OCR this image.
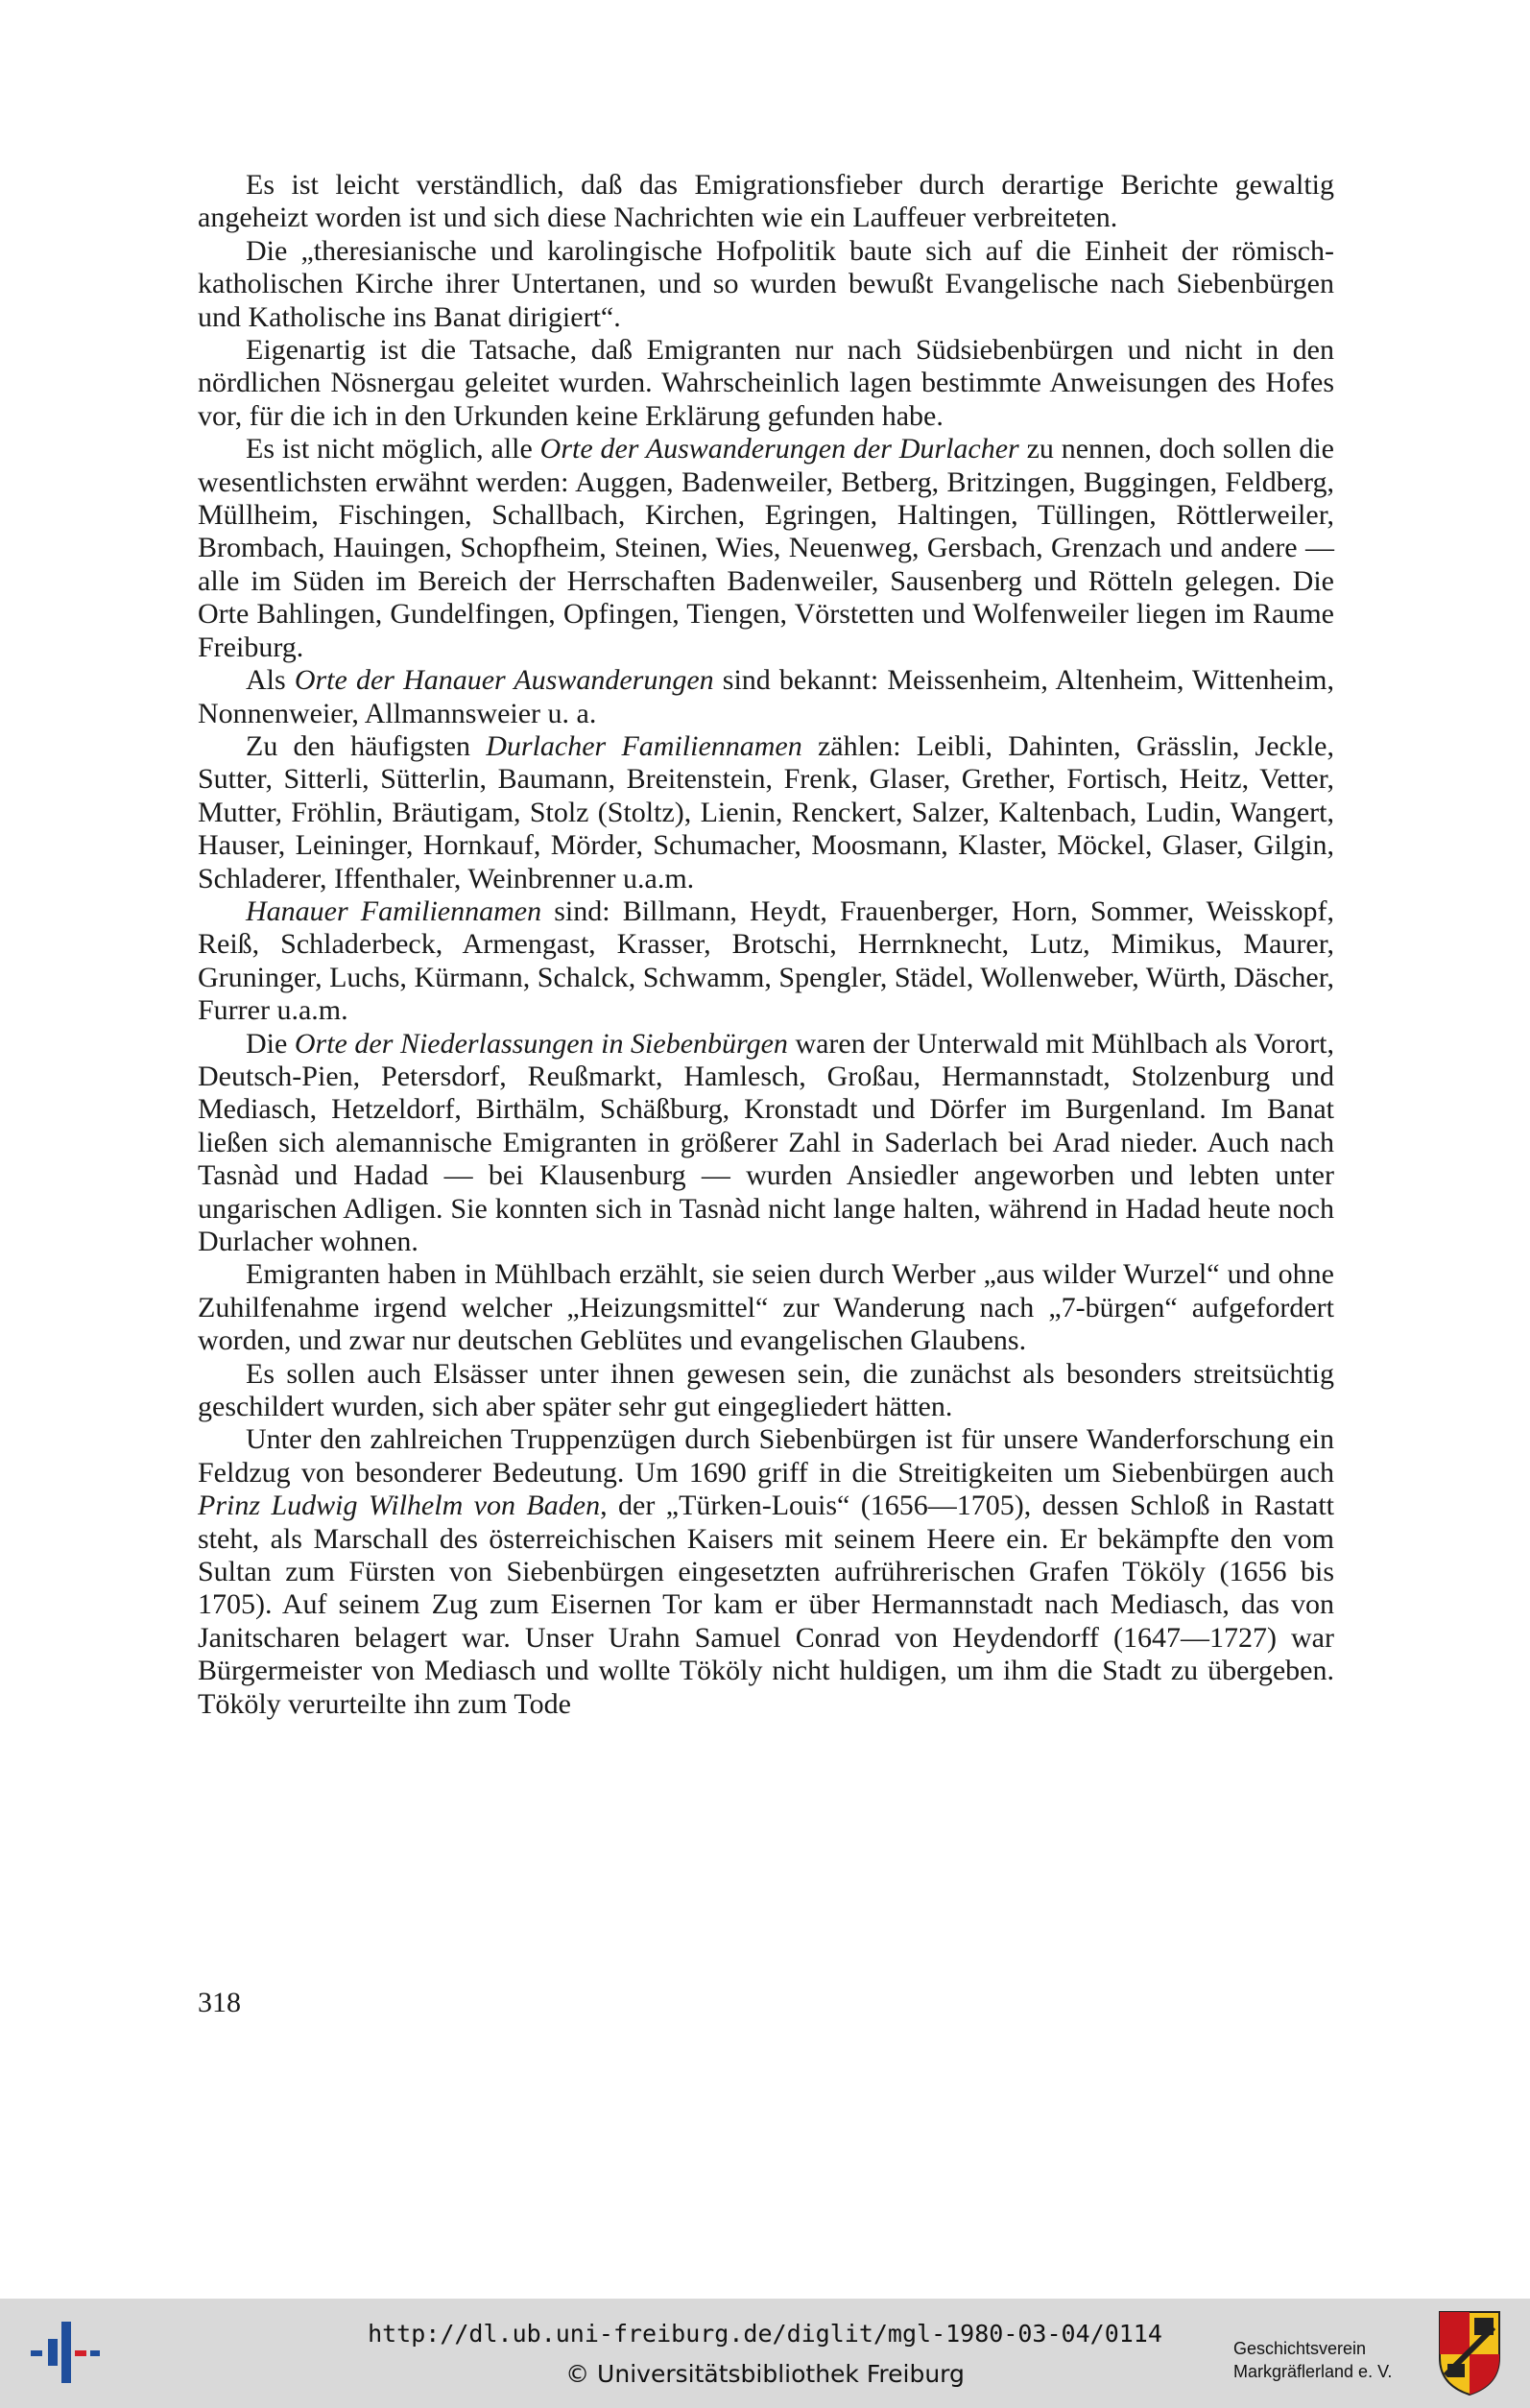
Es ist leicht verständlich, daß das Emigrationsfieber durch derartige Berichte gewaltig angeheizt worden ist und sich diese Nachrichten wie ein Lauffeuer verbreiteten.

Die „theresianische und karolingische Hofpolitik baute sich auf die Einheit der römisch-katholischen Kirche ihrer Untertanen, und so wurden bewußt Evangelische nach Siebenbürgen und Katholische ins Banat dirigiert“.

Eigenartig ist die Tatsache, daß Emigranten nur nach Südsiebenbürgen und nicht in den nördlichen Nösnergau geleitet wurden. Wahrscheinlich lagen bestimmte Anweisungen des Hofes vor, für die ich in den Urkunden keine Erklärung gefunden habe.

Es ist nicht möglich, alle Orte der Auswanderungen der Durlacher zu nennen, doch sollen die wesentlichsten erwähnt werden: Auggen, Badenweiler, Betberg, Britzingen, Buggingen, Feldberg, Müllheim, Fischingen, Schallbach, Kirchen, Egringen, Haltingen, Tüllingen, Röttlerweiler, Brombach, Hauingen, Schopfheim, Steinen, Wies, Neuenweg, Gersbach, Grenzach und andere — alle im Süden im Bereich der Herrschaften Badenweiler, Sausenberg und Rötteln gelegen. Die Orte Bahlingen, Gundelfingen, Opfingen, Tiengen, Vörstetten und Wolfenweiler liegen im Raume Freiburg.

Als Orte der Hanauer Auswanderungen sind bekannt: Meissenheim, Altenheim, Wittenheim, Nonnenweier, Allmannsweier u. a.

Zu den häufigsten Durlacher Familiennamen zählen: Leibli, Dahinten, Grässlin, Jeckle, Sutter, Sitterli, Sütterlin, Baumann, Breitenstein, Frenk, Glaser, Grether, Fortisch, Heitz, Vetter, Mutter, Fröhlin, Bräutigam, Stolz (Stoltz), Lienin, Renckert, Salzer, Kaltenbach, Ludin, Wangert, Hauser, Leininger, Hornkauf, Mörder, Schumacher, Moosmann, Klaster, Möckel, Glaser, Gilgin, Schladerer, Iffenthaler, Weinbrenner u.a.m.

Hanauer Familiennamen sind: Billmann, Heydt, Frauenberger, Horn, Sommer, Weisskopf, Reiß, Schladerbeck, Armengast, Krasser, Brotschi, Herrnknecht, Lutz, Mimikus, Maurer, Gruninger, Luchs, Kürmann, Schalck, Schwamm, Spengler, Städel, Wollenweber, Würth, Däscher, Furrer u.a.m.

Die Orte der Niederlassungen in Siebenbürgen waren der Unterwald mit Mühlbach als Vorort, Deutsch-Pien, Petersdorf, Reußmarkt, Hamlesch, Großau, Hermannstadt, Stolzenburg und Mediasch, Hetzeldorf, Birthälm, Schäßburg, Kronstadt und Dörfer im Burgenland. Im Banat ließen sich alemannische Emigranten in größerer Zahl in Saderlach bei Arad nieder. Auch nach Tasnàd und Hadad — bei Klausenburg — wurden Ansiedler angeworben und lebten unter ungarischen Adligen. Sie konnten sich in Tasnàd nicht lange halten, während in Hadad heute noch Durlacher wohnen.

Emigranten haben in Mühlbach erzählt, sie seien durch Werber „aus wilder Wurzel“ und ohne Zuhilfenahme irgend welcher „Heizungsmittel“ zur Wanderung nach „7-bürgen“ aufgefordert worden, und zwar nur deutschen Geblütes und evangelischen Glaubens.

Es sollen auch Elsässer unter ihnen gewesen sein, die zunächst als besonders streitsüchtig geschildert wurden, sich aber später sehr gut eingegliedert hätten.

Unter den zahlreichen Truppenzügen durch Siebenbürgen ist für unsere Wanderforschung ein Feldzug von besonderer Bedeutung. Um 1690 griff in die Streitigkeiten um Siebenbürgen auch Prinz Ludwig Wilhelm von Baden, der „Türken-Louis“ (1656—1705), dessen Schloß in Rastatt steht, als Marschall des österreichischen Kaisers mit seinem Heere ein. Er bekämpfte den vom Sultan zum Fürsten von Siebenbürgen eingesetzten aufrührerischen Grafen Tököly (1656 bis 1705). Auf seinem Zug zum Eisernen Tor kam er über Hermannstadt nach Mediasch, das von Janitscharen belagert war. Unser Urahn Samuel Conrad von Heydendorff (1647—1727) war Bürgermeister von Mediasch und wollte Tököly nicht huldigen, um ihm die Stadt zu übergeben. Tököly verurteilte ihn zum Tode

318
http://dl.ub.uni-freiburg.de/diglit/mgl-1980-03-04/0114
© Universitätsbibliothek Freiburg
Geschichtsverein
Markgräflerland e. V.
